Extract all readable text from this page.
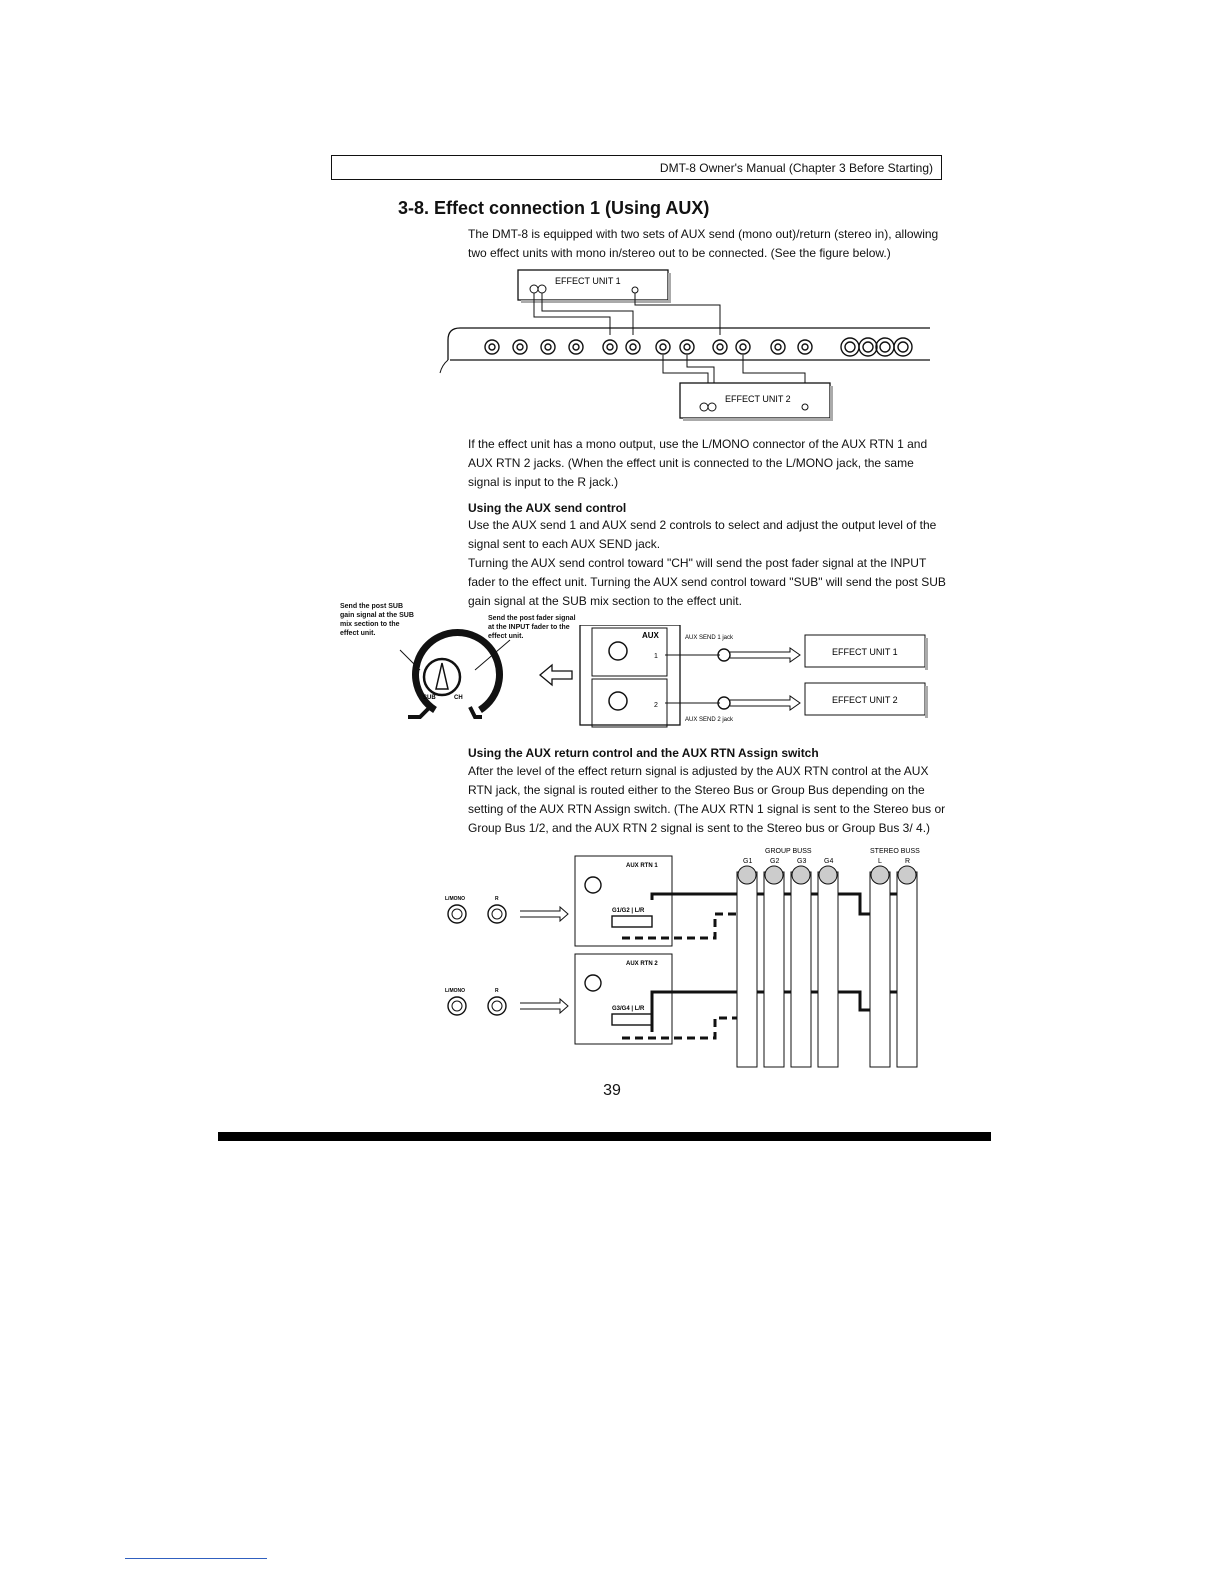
DMT-8 Owner's Manual (Chapter 3 Before Starting)
3-8. Effect connection 1 (Using AUX)
The DMT-8 is equipped with two sets of AUX send (mono out)/return (stereo in), allowing two effect units with mono in/stereo out to be connected. (See the figure below.)
EFFECT UNIT 1
EFFECT UNIT 2
If the effect unit has a mono output, use the L/MONO connector of the AUX RTN 1 and AUX RTN 2 jacks. (When the effect unit is connected to the L/MONO jack, the same signal is input to the R jack.)
Using the AUX send control
Use the AUX send 1 and AUX send 2 controls to select and adjust the output level of the signal sent to each AUX SEND jack.
Turning the AUX send control toward "CH" will send the post fader signal at the INPUT fader to the effect unit. Turning the AUX send control toward "SUB" will send the post SUB gain signal at the SUB mix section to the effect unit.
Send the post SUB gain signal at the SUB mix section to the effect unit.
Send the post fader signal at the INPUT fader to the effect unit.
SUB	CH
AUX
1
2
AUX SEND 1 jack
AUX SEND 2 jack
EFFECT UNIT 1
EFFECT UNIT 2
Using the AUX return control and the AUX RTN Assign switch
After the level of the effect return signal is adjusted by the AUX RTN control at the AUX RTN jack, the signal is routed either to the Stereo Bus or Group Bus depending on the setting of the AUX RTN Assign switch. (The AUX RTN 1 signal is sent to the Stereo bus or Group Bus 1/2, and the AUX RTN 2 signal is sent to the Stereo bus or Group Bus 3/ 4.)
GROUP BUSS	STEREO BUSS
G1	G2	G3	G4	L	R
AUX RTN 1
G1/G2 | L/R
AUX RTN 2
G3/G4 | L/R
L/MONO	R
L/MONO	R
39
